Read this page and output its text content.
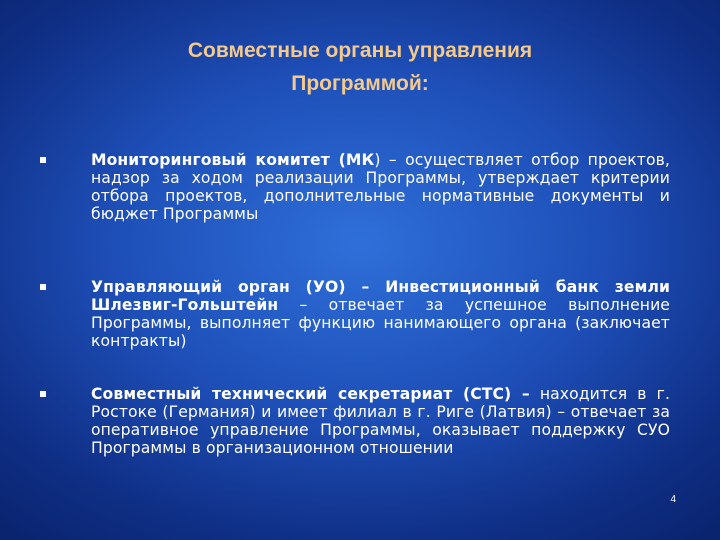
Совместные органы управления
Программой:
Мониторинговый комитет (МК) – осуществляет отбор проектов, надзор за ходом реализации Программы, утверждает критерии отбора проектов, дополнительные нормативные документы и бюджет Программы
Управляющий орган (УО) – Инвестиционный банк земли Шлезвиг-Гольштейн – отвечает за успешное выполнение Программы, выполняет функцию нанимающего органа (заключает контракты)
Совместный технический секретариат (СТС) – находится в г. Ростоке (Германия) и имеет филиал в г. Риге (Латвия) – отвечает за оперативное управление Программы, оказывает поддержку СУО Программы в организационном отношении
4
